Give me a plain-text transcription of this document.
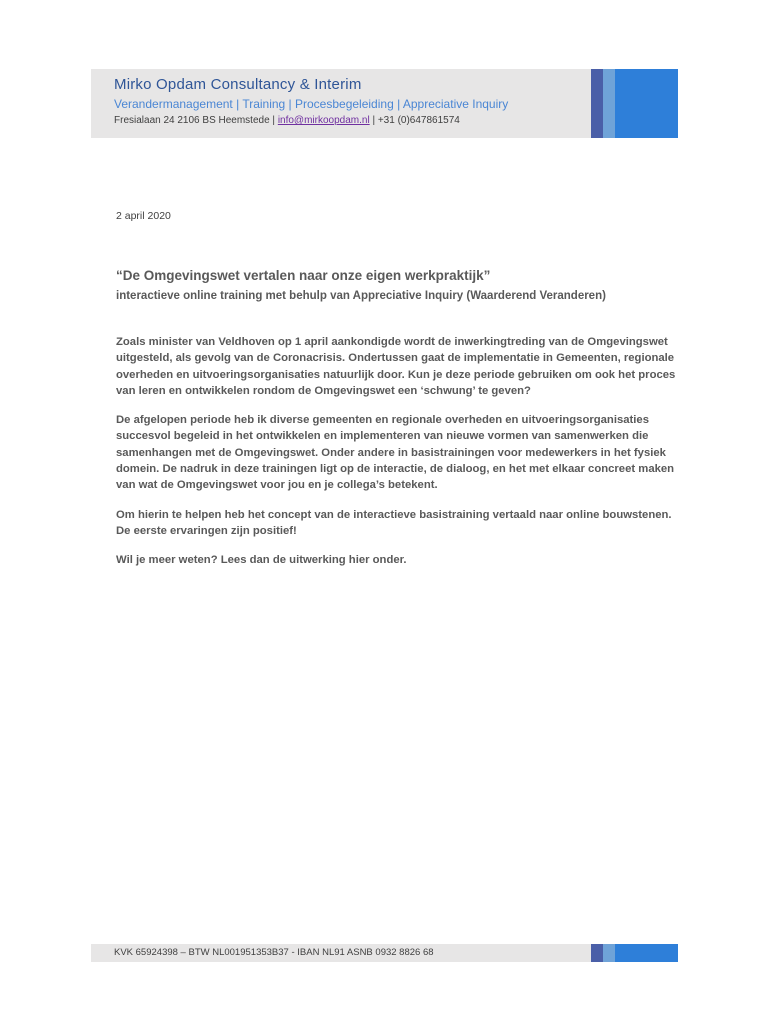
Mirko Opdam Consultancy & Interim
Verandermanagement | Training | Procesbegeleiding | Appreciative Inquiry
Fresialaan 24 2106 BS Heemstede | info@mirkoopdam.nl | +31 (0)647861574
2 april 2020
“De Omgevingswet vertalen naar onze eigen werkpraktijk”
interactieve online training met behulp van Appreciative Inquiry (Waarderend Veranderen)

Zoals minister van Veldhoven op 1 april aankondigde wordt de inwerkingtreding van de Omgevingswet uitgesteld, als gevolg van de Coronacrisis. Ondertussen gaat de implementatie in Gemeenten, regionale overheden en uitvoeringsorganisaties natuurlijk door. Kun je deze periode gebruiken om ook het proces van leren en ontwikkelen rondom de Omgevingswet een ‘schwung’ te geven?

De afgelopen periode heb ik diverse gemeenten en regionale overheden en uitvoeringsorganisaties succesvol begeleid in het ontwikkelen en implementeren van nieuwe vormen van samenwerken die samenhangen met de Omgevingswet. Onder andere in basistrainingen voor medewerkers in het fysiek domein. De nadruk in deze trainingen ligt op de interactie, de dialoog, en het met elkaar concreet maken van wat de Omgevingswet voor jou en je collega’s betekent.

Om hierin te helpen heb het concept van de interactieve basistraining vertaald naar online bouwstenen. De eerste ervaringen zijn positief!

Wil je meer weten? Lees dan de uitwerking hier onder.

KVK 65924398 – BTW NL001951353B37 - IBAN NL91 ASNB 0932 8826 68
